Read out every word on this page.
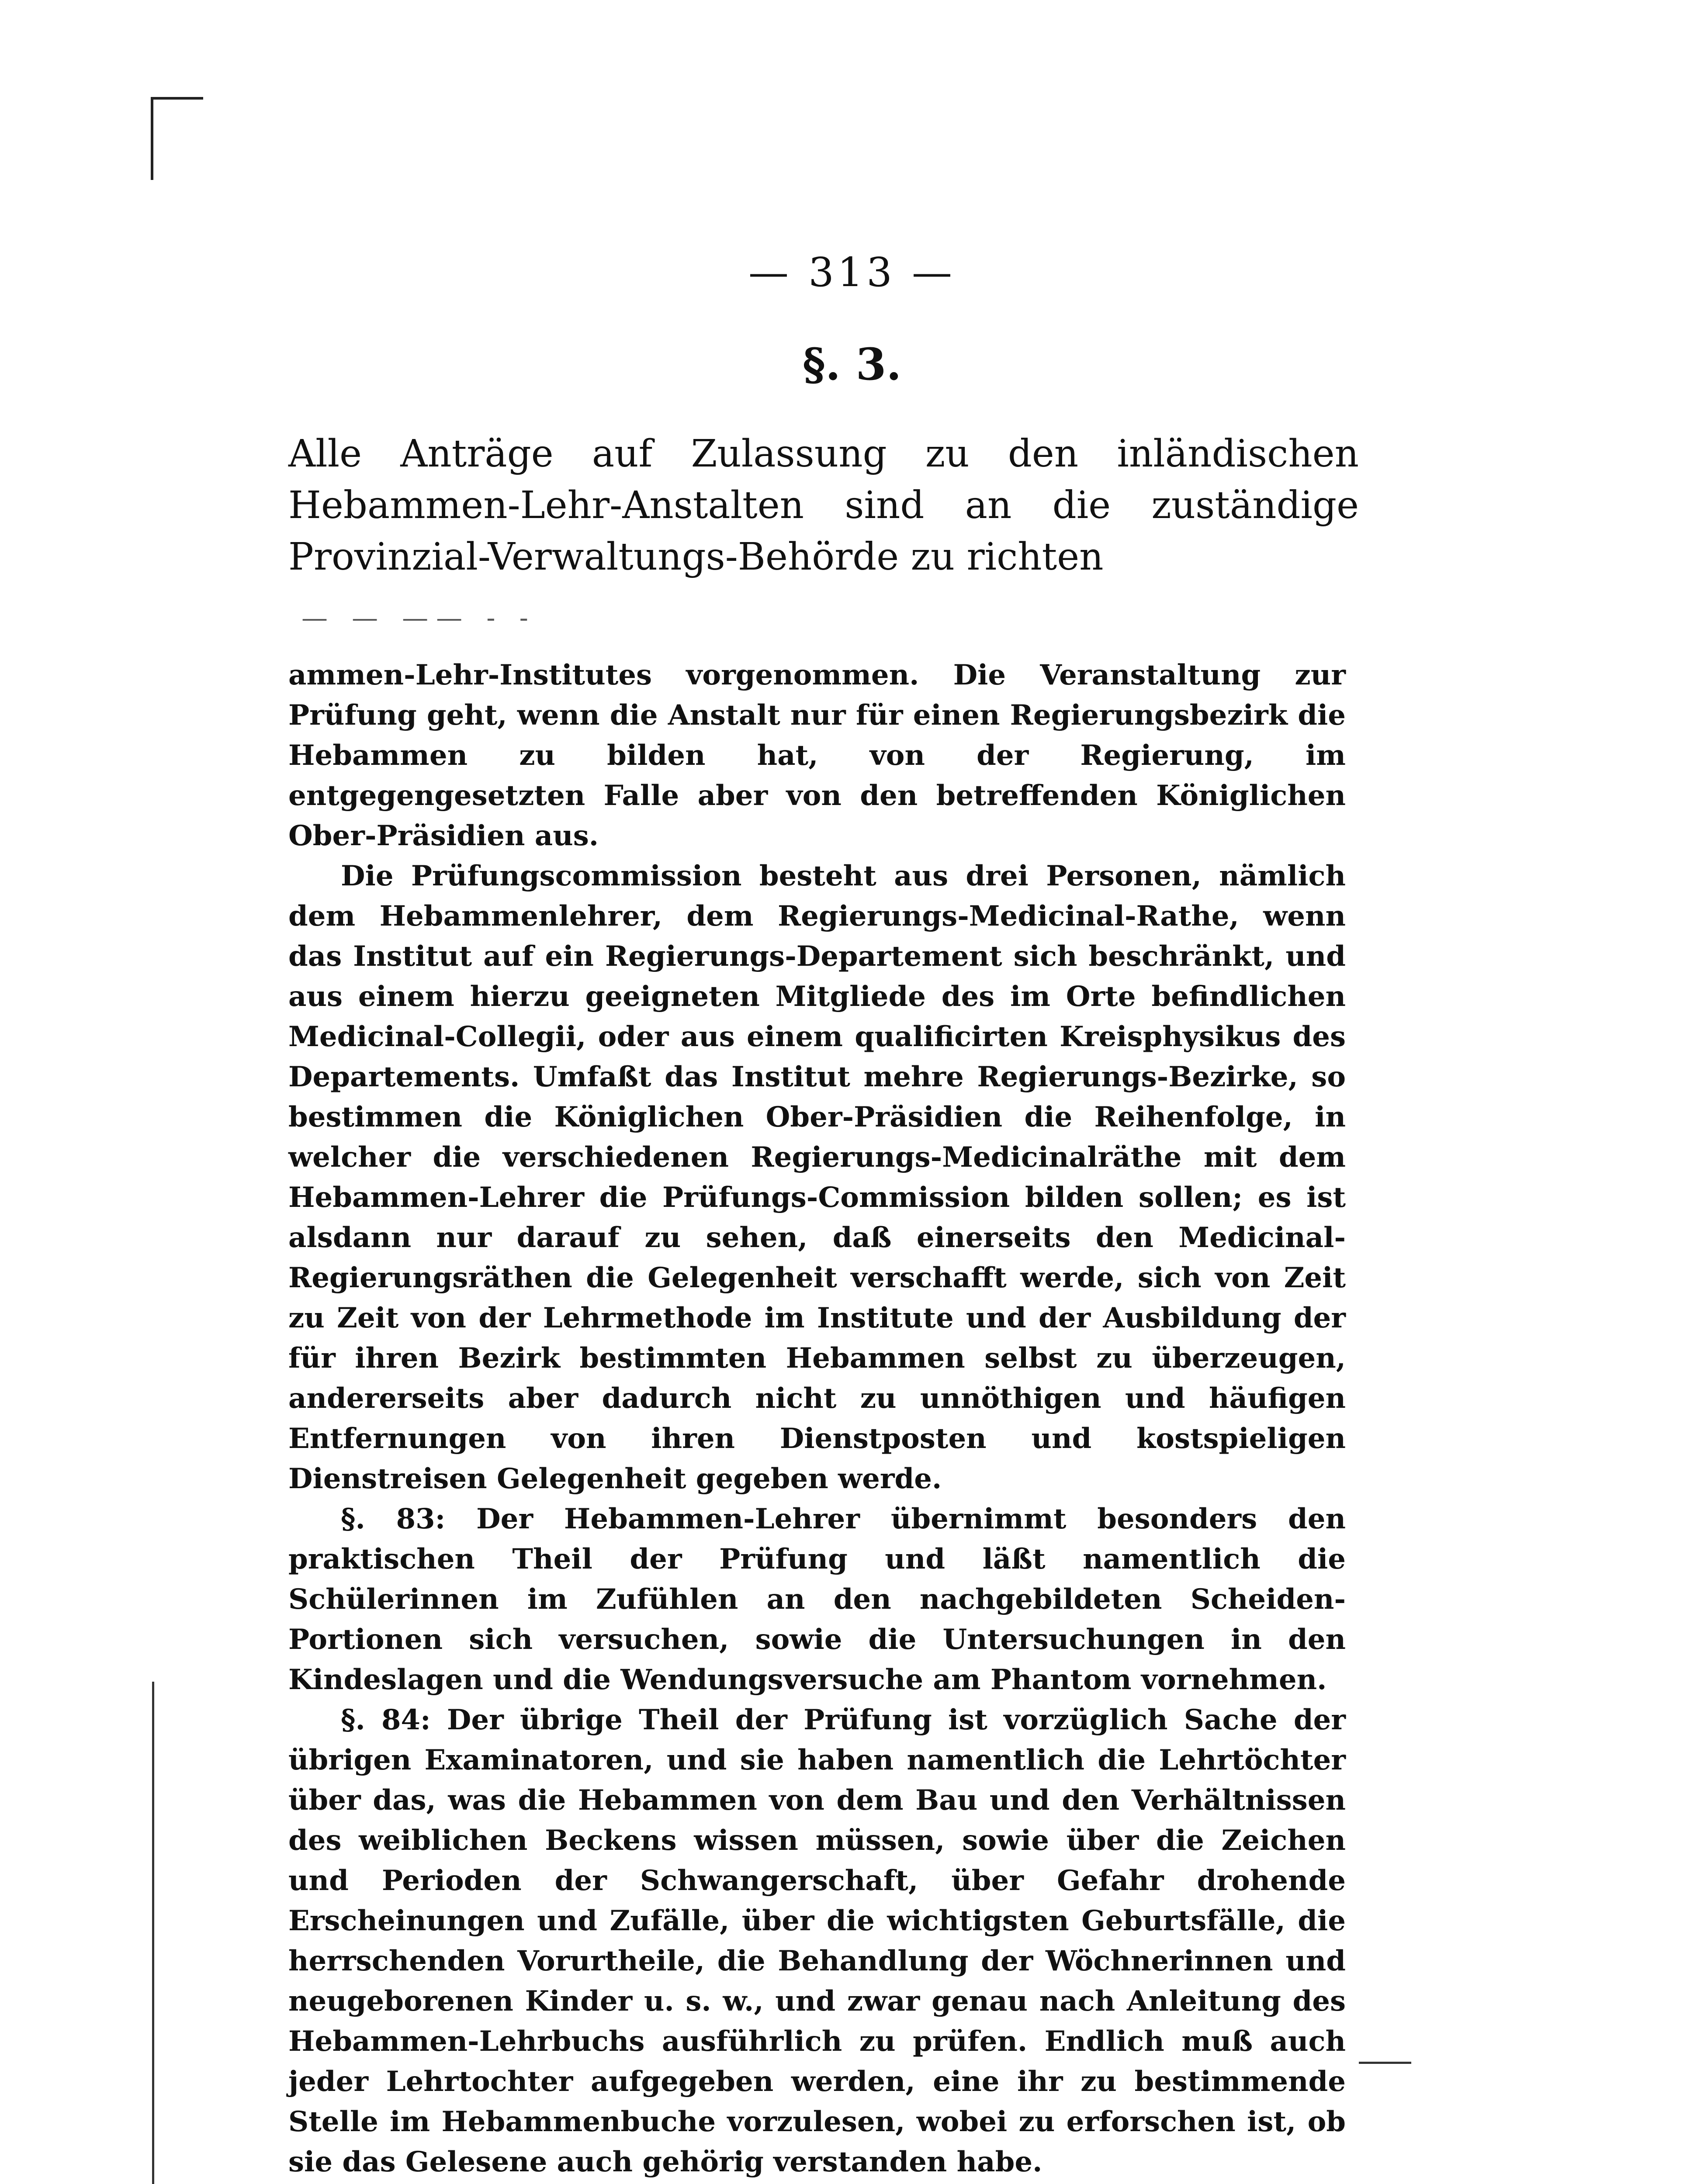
— 313 —
§. 3.
Alle Anträge auf Zulassung zu den inländischen Hebammen-Lehr-Anstalten sind an die zuständige Provinzial-Verwaltungs-Behörde zu richten
— — —— - -

ammen-Lehr-Institutes vorgenommen. Die Veranstaltung zur Prüfung geht, wenn die Anstalt nur für einen Regierungsbezirk die Hebammen zu bilden hat, von der Regierung, im entgegengesetzten Falle aber von den betreffenden Königlichen Ober-Präsidien aus.

Die Prüfungscommission besteht aus drei Personen, nämlich dem Hebammenlehrer, dem Regierungs-Medicinal-Rathe, wenn das Institut auf ein Regierungs-Departement sich beschränkt, und aus einem hierzu geeigneten Mitgliede des im Orte befindlichen Medicinal-Collegii, oder aus einem qualificirten Kreisphysikus des Departements. Umfaßt das Institut mehre Regierungs-Bezirke, so bestimmen die Königlichen Ober-Präsidien die Reihenfolge, in welcher die verschiedenen Regierungs-Medicinalräthe mit dem Hebammen-Lehrer die Prüfungs-Commission bilden sollen; es ist alsdann nur darauf zu sehen, daß einerseits den Medicinal-Regierungsräthen die Gelegenheit verschafft werde, sich von Zeit zu Zeit von der Lehrmethode im Institute und der Ausbildung der für ihren Bezirk bestimmten Hebammen selbst zu überzeugen, andererseits aber dadurch nicht zu unnöthigen und häufigen Entfernungen von ihren Dienstposten und kostspieligen Dienstreisen Gelegenheit gegeben werde.

§. 83: Der Hebammen-Lehrer übernimmt besonders den praktischen Theil der Prüfung und läßt namentlich die Schülerinnen im Zufühlen an den nachgebildeten Scheiden-Portionen sich versuchen, sowie die Untersuchungen in den Kindeslagen und die Wendungsversuche am Phantom vornehmen.

§. 84: Der übrige Theil der Prüfung ist vorzüglich Sache der übrigen Examinatoren, und sie haben namentlich die Lehrtöchter über das, was die Hebammen von dem Bau und den Verhältnissen des weiblichen Beckens wissen müssen, sowie über die Zeichen und Perioden der Schwangerschaft, über Gefahr drohende Erscheinungen und Zufälle, über die wichtigsten Geburtsfälle, die herrschenden Vorurtheile, die Behandlung der Wöchnerinnen und neugeborenen Kinder u. s. w., und zwar genau nach Anleitung des Hebammen-Lehrbuchs ausführlich zu prüfen. Endlich muß auch jeder Lehrtochter aufgegeben werden, eine ihr zu bestimmende Stelle im Hebammenbuche vorzulesen, wobei zu erforschen ist, ob sie das Gelesene auch gehörig verstanden habe.
